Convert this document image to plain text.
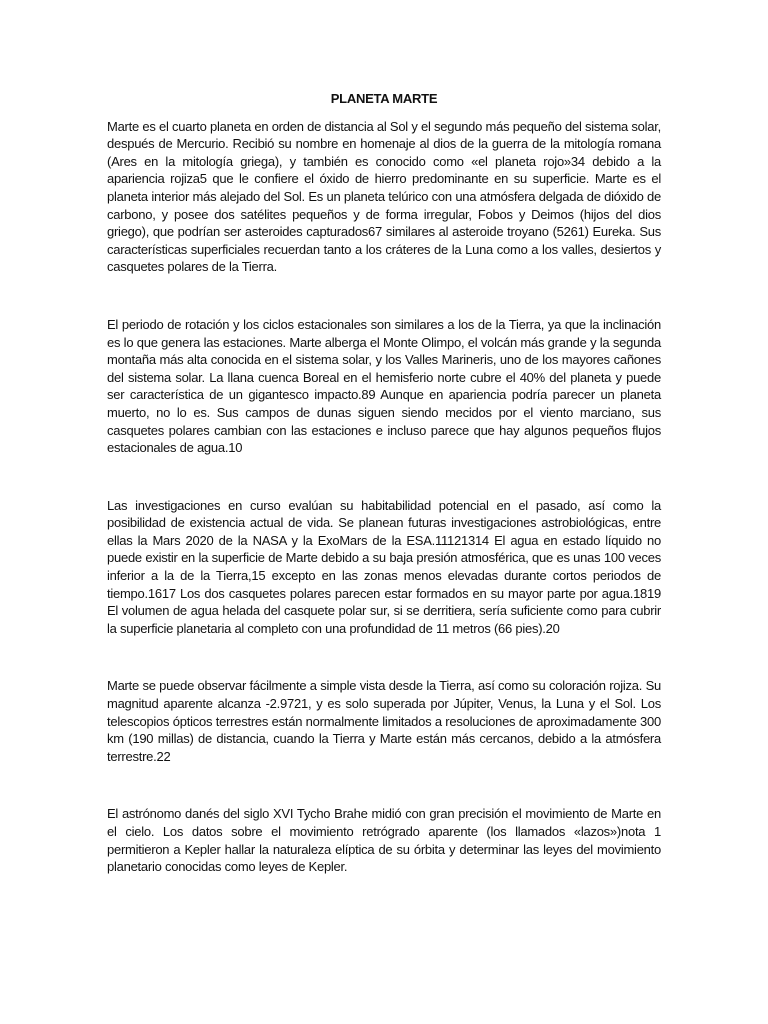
PLANETA MARTE

Marte es el cuarto planeta en orden de distancia al Sol y el segundo más pequeño del sistema solar, después de Mercurio. Recibió su nombre en homenaje al dios de la guerra de la mitología romana (Ares en la mitología griega), y también es conocido como «el planeta rojo»34 debido a la apariencia rojiza5 que le confiere el óxido de hierro predominante en su superficie. Marte es el planeta interior más alejado del Sol. Es un planeta telúrico con una atmósfera delgada de dióxido de carbono, y posee dos satélites pequeños y de forma irregular, Fobos y Deimos (hijos del dios griego), que podrían ser asteroides capturados67 similares al asteroide troyano (5261) Eureka. Sus características superficiales recuerdan tanto a los cráteres de la Luna como a los valles, desiertos y casquetes polares de la Tierra.

El periodo de rotación y los ciclos estacionales son similares a los de la Tierra, ya que la inclinación es lo que genera las estaciones. Marte alberga el Monte Olimpo, el volcán más grande y la segunda montaña más alta conocida en el sistema solar, y los Valles Marineris, uno de los mayores cañones del sistema solar. La llana cuenca Boreal en el hemisferio norte cubre el 40% del planeta y puede ser característica de un gigantesco impacto.89 Aunque en apariencia podría parecer un planeta muerto, no lo es. Sus campos de dunas siguen siendo mecidos por el viento marciano, sus casquetes polares cambian con las estaciones e incluso parece que hay algunos pequeños flujos estacionales de agua.10

Las investigaciones en curso evalúan su habitabilidad potencial en el pasado, así como la posibilidad de existencia actual de vida. Se planean futuras investigaciones astrobiológicas, entre ellas la Mars 2020 de la NASA y la ExoMars de la ESA.11121314 El agua en estado líquido no puede existir en la superficie de Marte debido a su baja presión atmosférica, que es unas 100 veces inferior a la de la Tierra,15 excepto en las zonas menos elevadas durante cortos periodos de tiempo.1617 Los dos casquetes polares parecen estar formados en su mayor parte por agua.1819 El volumen de agua helada del casquete polar sur, si se derritiera, sería suficiente como para cubrir la superficie planetaria al completo con una profundidad de 11 metros (66 pies).20

Marte se puede observar fácilmente a simple vista desde la Tierra, así como su coloración rojiza. Su magnitud aparente alcanza -2.9721, y es solo superada por Júpiter, Venus, la Luna y el Sol. Los telescopios ópticos terrestres están normalmente limitados a resoluciones de aproximadamente 300 km (190 millas) de distancia, cuando la Tierra y Marte están más cercanos, debido a la atmósfera terrestre.22

El astrónomo danés del siglo XVI Tycho Brahe midió con gran precisión el movimiento de Marte en el cielo. Los datos sobre el movimiento retrógrado aparente (los llamados «lazos»)nota 1 permitieron a Kepler hallar la naturaleza elíptica de su órbita y determinar las leyes del movimiento planetario conocidas como leyes de Kepler.
